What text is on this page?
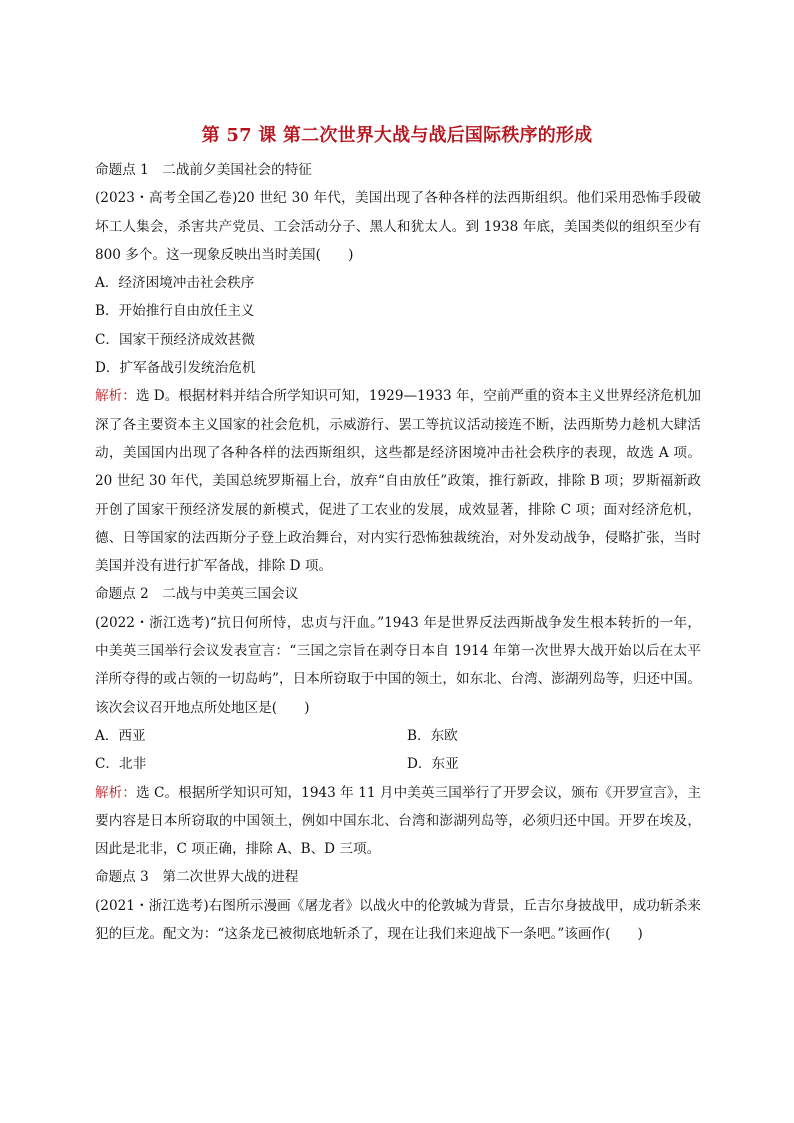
第 57 课 第二次世界大战与战后国际秩序的形成

命题点 1　二战前夕美国社会的特征

(2023・高考全国乙卷)20 世纪 30 年代，美国出现了各种各样的法西斯组织。他们采用恐怖手段破坏工人集会，杀害共产党员、工会活动分子、黑人和犹太人。到 1938 年底，美国类似的组织至少有 800 多个。这一现象反映出当时美国(　　)

A．经济困境冲击社会秩序
B．开始推行自由放任主义
C．国家干预经济成效甚微
D．扩军备战引发统治危机

解析：选 D。根据材料并结合所学知识可知，1929—1933 年，空前严重的资本主义世界经济危机加深了各主要资本主义国家的社会危机，示威游行、罢工等抗议活动接连不断，法西斯势力趁机大肆活动，美国国内出现了各种各样的法西斯组织，这些都是经济困境冲击社会秩序的表现，故选 A 项。20 世纪 30 年代，美国总统罗斯福上台，放弃“自由放任”政策，推行新政，排除 B 项；罗斯福新政开创了国家干预经济发展的新模式，促进了工农业的发展，成效显著，排除 C 项；面对经济危机，德、日等国家的法西斯分子登上政治舞台，对内实行恐怖独裁统治，对外发动战争，侵略扩张，当时美国并没有进行扩军备战，排除 D 项。

命题点 2　二战与中美英三国会议

(2022・浙江选考)“抗日何所恃，忠贞与汗血。”1943 年是世界反法西斯战争发生根本转折的一年，中美英三国举行会议发表宣言：“三国之宗旨在剥夺日本自 1914 年第一次世界大战开始以后在太平洋所夺得的或占领的一切岛屿”，日本所窃取于中国的领土，如东北、台湾、澎湖列岛等，归还中国。该次会议召开地点所处地区是(　　)

A．西亚	B．东欧
C．北非	D．东亚

解析：选 C。根据所学知识可知，1943 年 11 月中美英三国举行了开罗会议，颁布《开罗宣言》，主要内容是日本所窃取的中国领土，例如中国东北、台湾和澎湖列岛等，必须归还中国。开罗在埃及，因此是北非，C 项正确，排除 A、B、D 三项。

命题点 3　第二次世界大战的进程

(2021・浙江选考)右图所示漫画《屠龙者》以战火中的伦敦城为背景，丘吉尔身披战甲，成功斩杀来犯的巨龙。配文为：“这条龙已被彻底地斩杀了，现在让我们来迎战下一条吧。”该画作(　　)
